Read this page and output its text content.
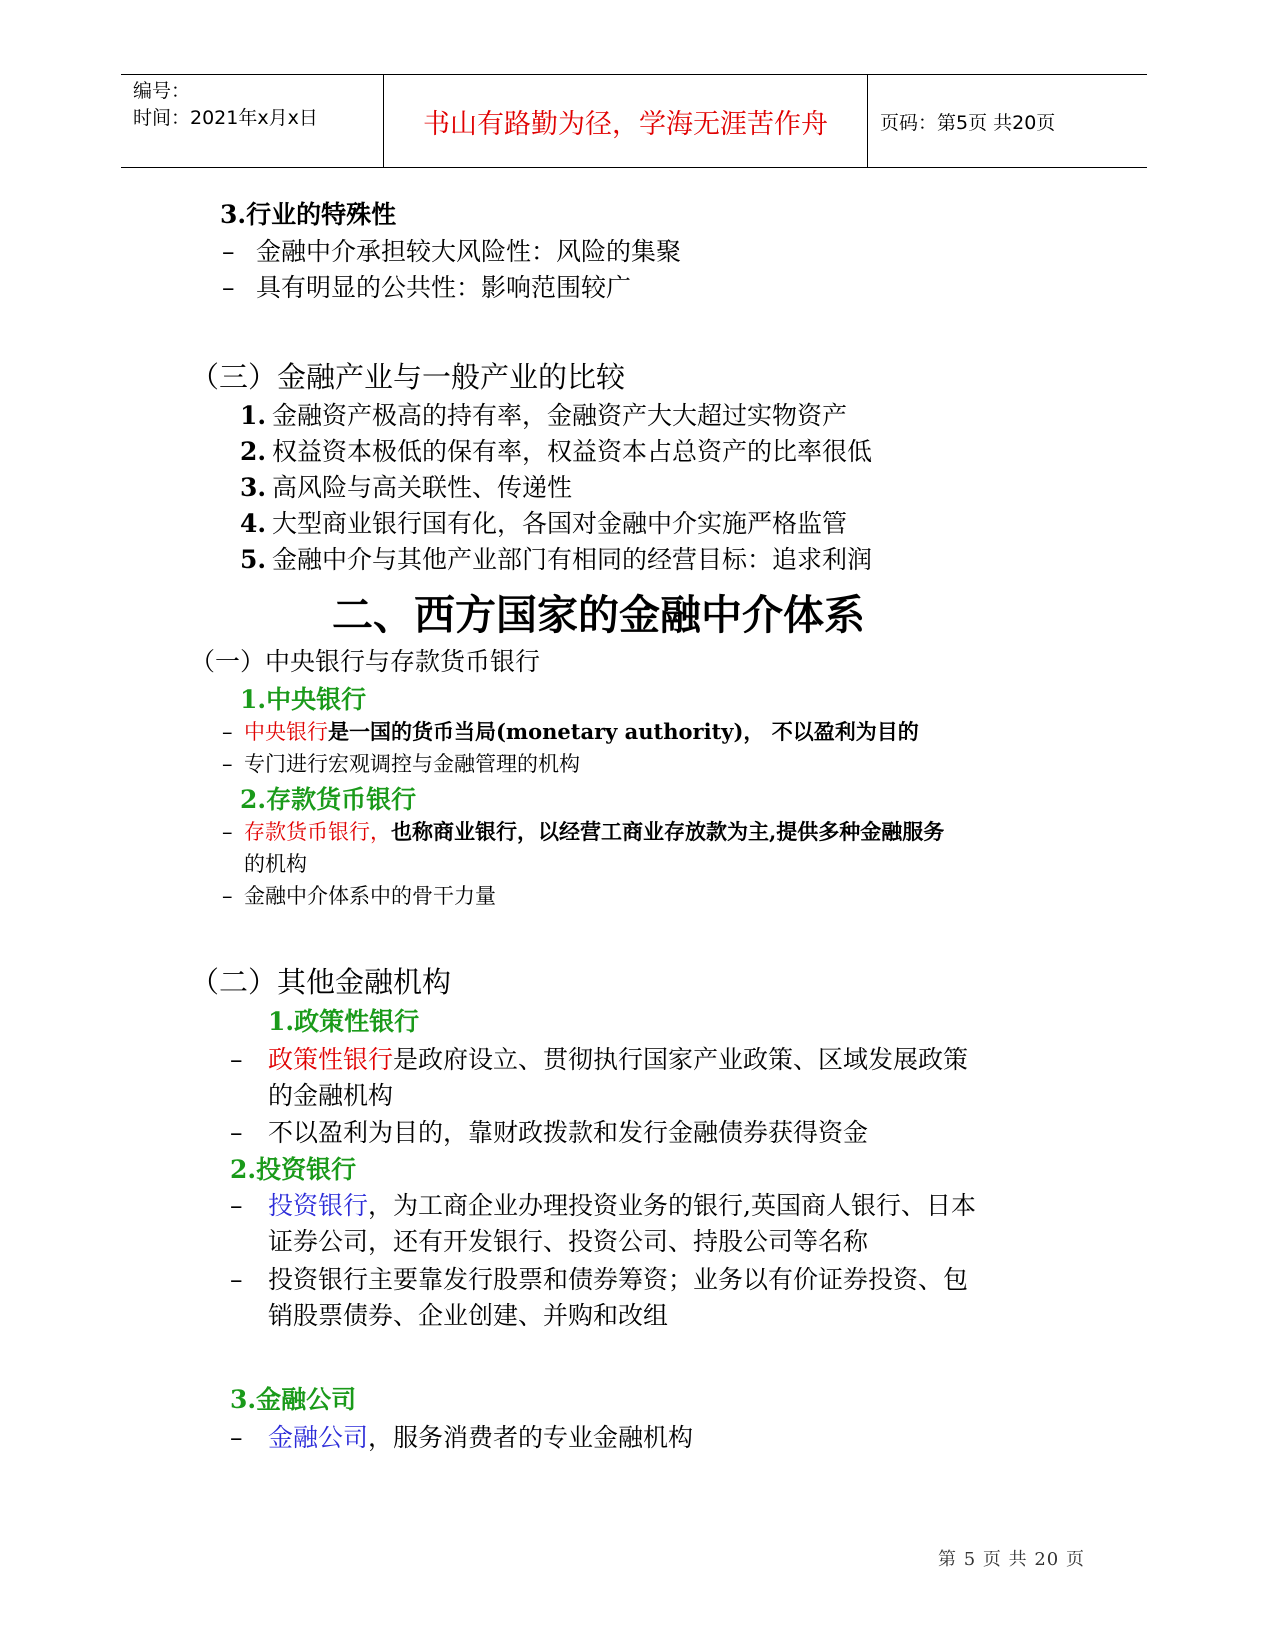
编号：
时间：2021年x月x日	书山有路勤为径，学海无涯苦作舟	页码：第5页 共20页
3.行业的特殊性
– 金融中介承担较大风险性：风险的集聚
– 具有明显的公共性：影响范围较广
（三）金融产业与一般产业的比较
1. 金融资产极高的持有率，金融资产大大超过实物资产
2. 权益资本极低的保有率，权益资本占总资产的比率很低
3. 高风险与高关联性、传递性
4. 大型商业银行国有化，各国对金融中介实施严格监管
5. 金融中介与其他产业部门有相同的经营目标：追求利润
二、西方国家的金融中介体系
（一）中央银行与存款货币银行
1.中央银行
– 中央银行是一国的货币当局(monetary authority)， 不以盈利为目的
– 专门进行宏观调控与金融管理的机构
2.存款货币银行
– 存款货币银行，也称商业银行，以经营工商业存放款为主,提供多种金融服务
的机构
– 金融中介体系中的骨干力量
（二）其他金融机构
1.政策性银行
– 政策性银行是政府设立、贯彻执行国家产业政策、区域发展政策
的金融机构
– 不以盈利为目的，靠财政拨款和发行金融债券获得资金
2.投资银行
– 投资银行，为工商企业办理投资业务的银行,英国商人银行、日本
证券公司，还有开发银行、投资公司、持股公司等名称
– 投资银行主要靠发行股票和债券筹资；业务以有价证券投资、包
销股票债券、企业创建、并购和改组
3.金融公司
– 金融公司，服务消费者的专业金融机构
第 5 页 共 20 页
